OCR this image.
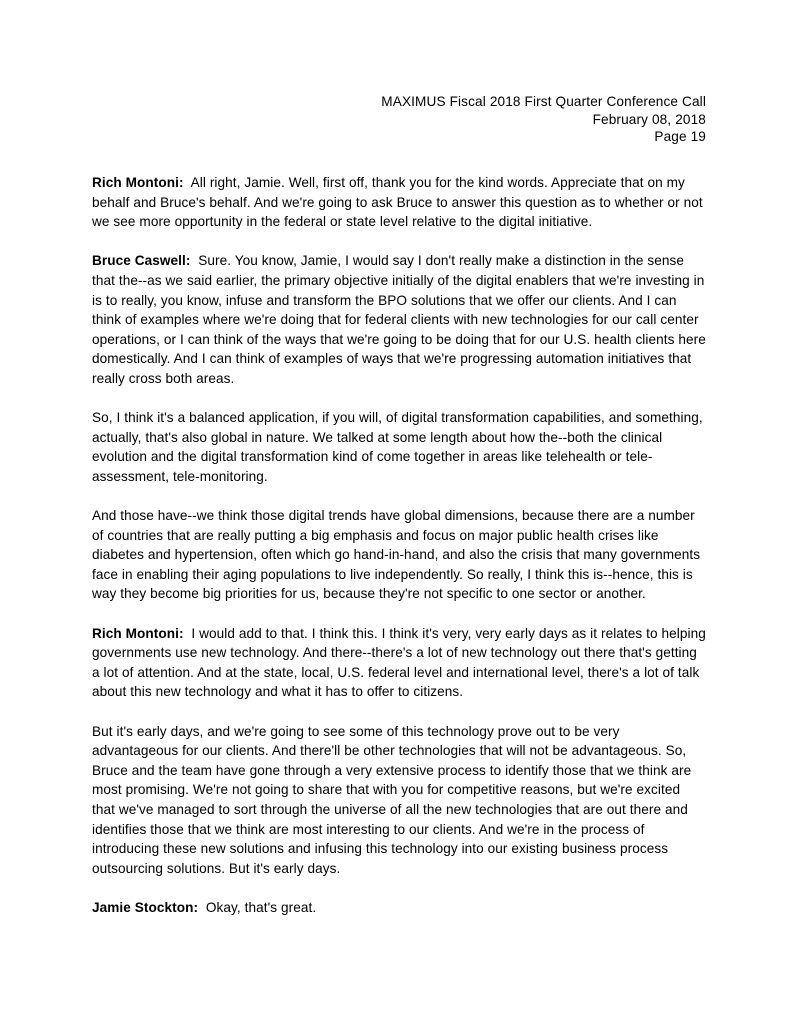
MAXIMUS Fiscal 2018 First Quarter Conference Call
February 08, 2018
Page 19

Rich Montoni: All right, Jamie. Well, first off, thank you for the kind words. Appreciate that on my behalf and Bruce's behalf. And we're going to ask Bruce to answer this question as to whether or not we see more opportunity in the federal or state level relative to the digital initiative.

Bruce Caswell: Sure. You know, Jamie, I would say I don't really make a distinction in the sense that the--as we said earlier, the primary objective initially of the digital enablers that we're investing in is to really, you know, infuse and transform the BPO solutions that we offer our clients. And I can think of examples where we're doing that for federal clients with new technologies for our call center operations, or I can think of the ways that we're going to be doing that for our U.S. health clients here domestically. And I can think of examples of ways that we're progressing automation initiatives that really cross both areas.

So, I think it's a balanced application, if you will, of digital transformation capabilities, and something, actually, that's also global in nature. We talked at some length about how the--both the clinical evolution and the digital transformation kind of come together in areas like telehealth or tele-assessment, tele-monitoring.

And those have--we think those digital trends have global dimensions, because there are a number of countries that are really putting a big emphasis and focus on major public health crises like diabetes and hypertension, often which go hand-in-hand, and also the crisis that many governments face in enabling their aging populations to live independently. So really, I think this is--hence, this is way they become big priorities for us, because they're not specific to one sector or another.

Rich Montoni: I would add to that. I think this. I think it's very, very early days as it relates to helping governments use new technology. And there--there's a lot of new technology out there that's getting a lot of attention. And at the state, local, U.S. federal level and international level, there's a lot of talk about this new technology and what it has to offer to citizens.

But it's early days, and we're going to see some of this technology prove out to be very advantageous for our clients. And there'll be other technologies that will not be advantageous. So, Bruce and the team have gone through a very extensive process to identify those that we think are most promising. We're not going to share that with you for competitive reasons, but we're excited that we've managed to sort through the universe of all the new technologies that are out there and identifies those that we think are most interesting to our clients. And we're in the process of introducing these new solutions and infusing this technology into our existing business process outsourcing solutions. But it's early days.

Jamie Stockton: Okay, that's great.
